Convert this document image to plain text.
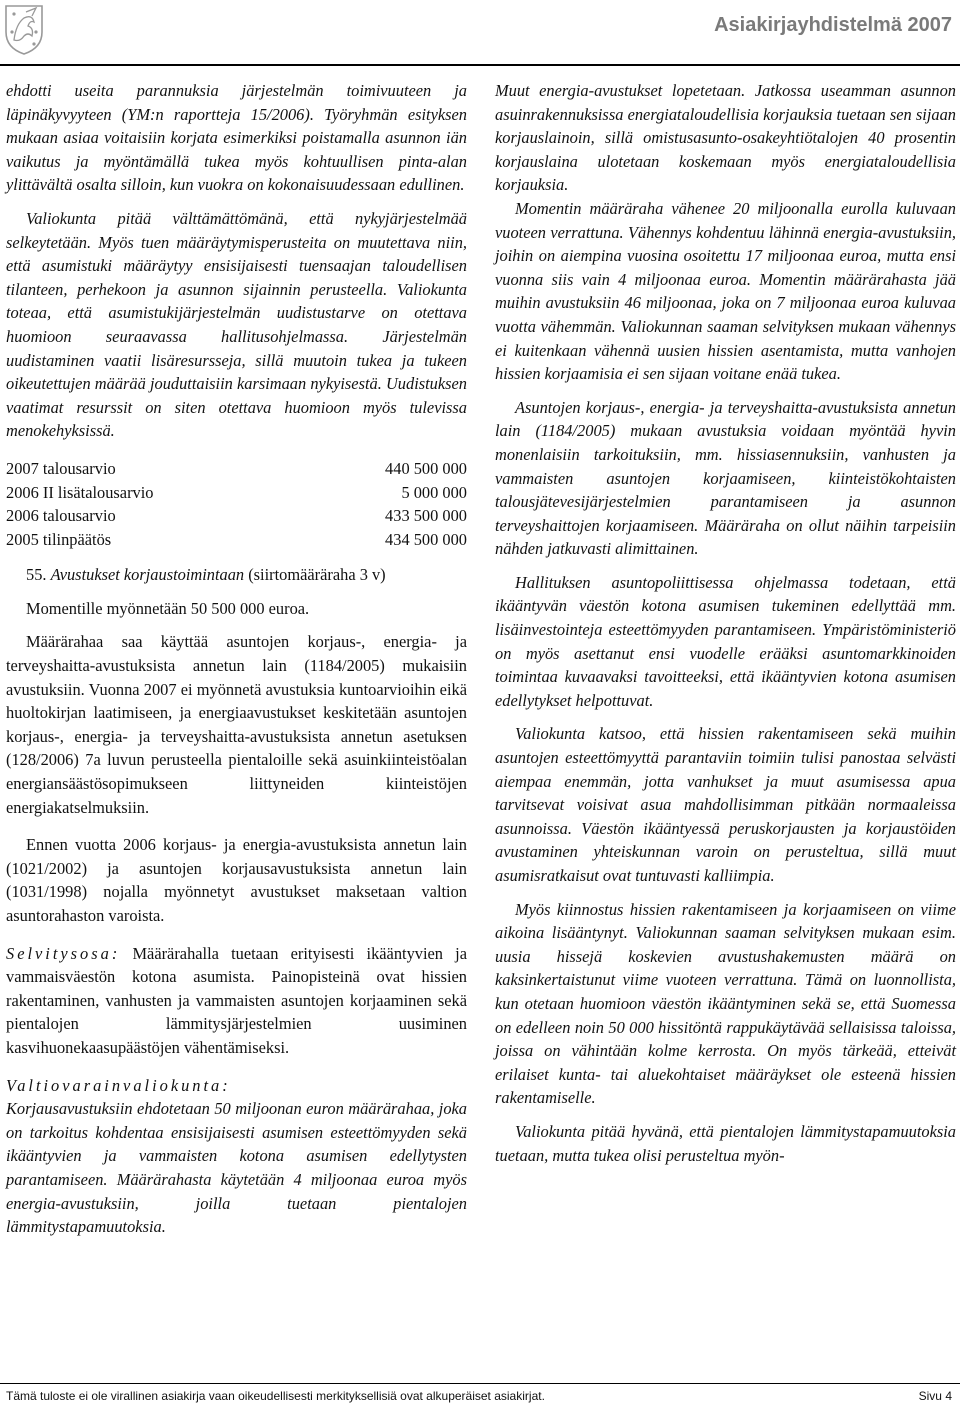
Asiakirjayhdistelmä 2007

ehdotti useita parannuksia järjestelmän toimivuuteen ja läpinäkyvyyteen (YM:n raportteja 15/2006). Työryhmän esityksen mukaan asiaa voitaisiin korjata esimerkiksi poistamalla asunnon iän vaikutus ja myöntämällä tukea myös kohtuullisen pinta-alan ylittävältä osalta silloin, kun vuokra on kokonaisuudessaan edullinen.

Valiokunta pitää välttämättömänä, että nykyjärjestelmää selkeytetään. Myös tuen määräytymisperusteita on muutettava niin, että asumistuki määräytyy ensisijaisesti tuensaajan taloudellisen tilanteen, perhekoon ja asunnon sijainnin perusteella. Valiokunta toteaa, että asumistukijärjestelmän uudistustarve on otettava huomioon seuraavassa hallitusohjelmassa. Järjestelmän uudistaminen vaatii lisäresursseja, sillä muutoin tukea ja tukeen oikeutettujen määrää jouduttaisiin karsimaan nykyisestä. Uudistuksen vaatimat resurssit on siten otettava huomioon myös tulevissa menokehyksissä.

2007 talousarvio	440 500 000
2006 II lisätalousarvio	5 000 000
2006 talousarvio	433 500 000
2005 tilinpäätös	434 500 000
55. Avustukset korjaustoimintaan (siirtomääräraha 3 v)

Momentille myönnetään 50 500 000 euroa.

Määrärahaa saa käyttää asuntojen korjaus-, energia- ja terveyshaitta-avustuksista annetun lain (1184/2005) mukaisiin avustuksiin. Vuonna 2007 ei myönnetä avustuksia kuntoarvioihin eikä huoltokirjan laatimiseen, ja energiaavustukset keskitetään asuntojen korjaus-, energia- ja terveyshaitta-avustuksista annetun asetuksen (128/2006) 7a luvun perusteella pientaloille sekä asuinkiinteistöalan energiansäästösopimukseen liittyneiden kiinteistöjen energiakatselmuksiin.

Ennen vuotta 2006 korjaus- ja energia-avustuksista annetun lain (1021/2002) ja asuntojen korjausavustuksista annetun lain (1031/1998) nojalla myönnetyt avustukset maksetaan valtion asuntorahaston varoista.

Selvitysosa: Määrärahalla tuetaan erityisesti ikääntyvien ja vammaisväestön kotona asumista. Painopisteinä ovat hissien rakentaminen, vanhusten ja vammaisten asuntojen korjaaminen sekä pientalojen lämmitysjärjestelmien uusiminen kasvihuonekaasupäästöjen vähentämiseksi.

Valtiovarainvaliokunta:

Korjausavustuksiin ehdotetaan 50 miljoonan euron määrärahaa, joka on tarkoitus kohdentaa ensisijaisesti asumisen esteettömyyden sekä ikääntyvien ja vammaisten kotona asumisen edellytysten parantamiseen. Määrärahasta käytetään 4 miljoonaa euroa myös energia-avustuksiin, joilla tuetaan pientalojen lämmitystapamuutoksia.

Muut energia-avustukset lopetetaan. Jatkossa useamman asunnon asuinrakennuksissa energiataloudellisia korjauksia tuetaan sen sijaan korjauslainoin, sillä omistusasunto-osakeyhtiötalojen 40 prosentin korjauslaina ulotetaan koskemaan myös energiataloudellisia korjauksia.

Momentin määräraha vähenee 20 miljoonalla eurolla kuluvaan vuoteen verrattuna. Vähennys kohdentuu lähinnä energia-avustuksiin, joihin on aiempina vuosina osoitettu 17 miljoonaa euroa, mutta ensi vuonna siis vain 4 miljoonaa euroa. Momentin määrärahasta jää muihin avustuksiin 46 miljoonaa, joka on 7 miljoonaa euroa kuluvaa vuotta vähemmän. Valiokunnan saaman selvityksen mukaan vähennys ei kuitenkaan vähennä uusien hissien asentamista, mutta vanhojen hissien korjaamisia ei sen sijaan voitane enää tukea.

Asuntojen korjaus-, energia- ja terveyshaitta-avustuksista annetun lain (1184/2005) mukaan avustuksia voidaan myöntää hyvin monenlaisiin tarkoituksiin, mm. hissiasennuksiin, vanhusten ja vammaisten asuntojen korjaamiseen, kiinteistökohtaisten talousjätevesijärjestelmien parantamiseen ja asunnon terveyshaittojen korjaamiseen. Määräraha on ollut näihin tarpeisiin nähden jatkuvasti alimittainen.

Hallituksen asuntopoliittisessa ohjelmassa todetaan, että ikääntyvän väestön kotona asumisen tukeminen edellyttää mm. lisäinvestointeja esteettömyyden parantamiseen. Ympäristöministeriö on myös asettanut ensi vuodelle erääksi asuntomarkkinoiden toimintaa kuvaavaksi tavoitteeksi, että ikääntyvien kotona asumisen edellytykset helpottuvat.

Valiokunta katsoo, että hissien rakentamiseen sekä muihin asuntojen esteettömyyttä parantaviin toimiin tulisi panostaa selvästi aiempaa enemmän, jotta vanhukset ja muut asumisessa apua tarvitsevat voisivat asua mahdollisimman pitkään normaaleissa asunnoissa. Väestön ikääntyessä peruskorjausten ja korjaustöiden avustaminen yhteiskunnan varoin on perusteltua, sillä muut asumisratkaisut ovat tuntuvasti kalliimpia.

Myös kiinnostus hissien rakentamiseen ja korjaamiseen on viime aikoina lisääntynyt. Valiokunnan saaman selvityksen mukaan esim. uusia hissejä koskevien avustushakemusten määrä on kaksinkertaistunut viime vuoteen verrattuna. Tämä on luonnollista, kun otetaan huomioon väestön ikääntyminen sekä se, että Suomessa on edelleen noin 50 000 hissitöntä rappukäytävää sellaisissa taloissa, joissa on vähintään kolme kerrosta. On myös tärkeää, etteivät erilaiset kunta- tai aluekohtaiset määräykset ole esteenä hissien rakentamiselle.

Valiokunta pitää hyvänä, että pientalojen lämmitystapamuutoksia tuetaan, mutta tukea olisi perusteltua myön-

Tämä tuloste ei ole virallinen asiakirja vaan oikeudellisesti merkityksellisiä ovat alkuperäiset asiakirjat.	Sivu 4
